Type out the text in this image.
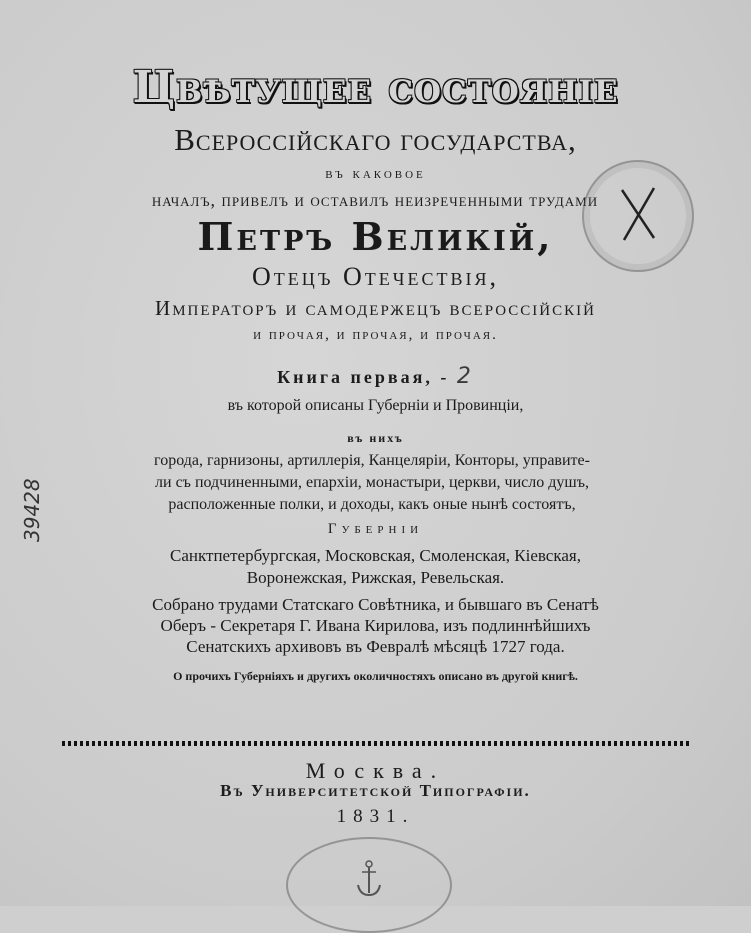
Цвѣтущее состоянiе
Всероссiйскаго государства,
въ каковое
началъ, привелъ и оставилъ неизреченными трудами
Петръ Великiй,
Отецъ Отечествiя,
Императоръ и самодержецъ всероссiйскiй
и прочая, и прочая, и прочая.
Книга первая, - 2
въ которой описаны Губернiи и Провинцiи,
въ нихъ
города, гарнизоны, артиллерiя, Канцелярiи, Конторы, управите-
ли съ подчиненными, епархiи, монастыри, церкви, число душъ,
расположенные полки, и доходы, какъ оные нынѣ состоятъ,
Губернiи
Санктпетербургская, Московская, Смоленская, Кiевская,
Воронежская, Рижская, Ревельская.
Собрано трудами Статскаго Совѣтника, и бывшаго въ Сенатѣ
Оберъ - Секретаря Г. Ивана Кирилова, изъ подлиннѣйшихъ
Сенатскихъ архивовъ въ Февралѣ мѣсяцѣ 1727 года.
О прочихъ Губернiяхъ и другихъ околичностяхъ описано въ другой книгѣ.
Москва.
Въ Университетской Типографiи.
1831.
39428
